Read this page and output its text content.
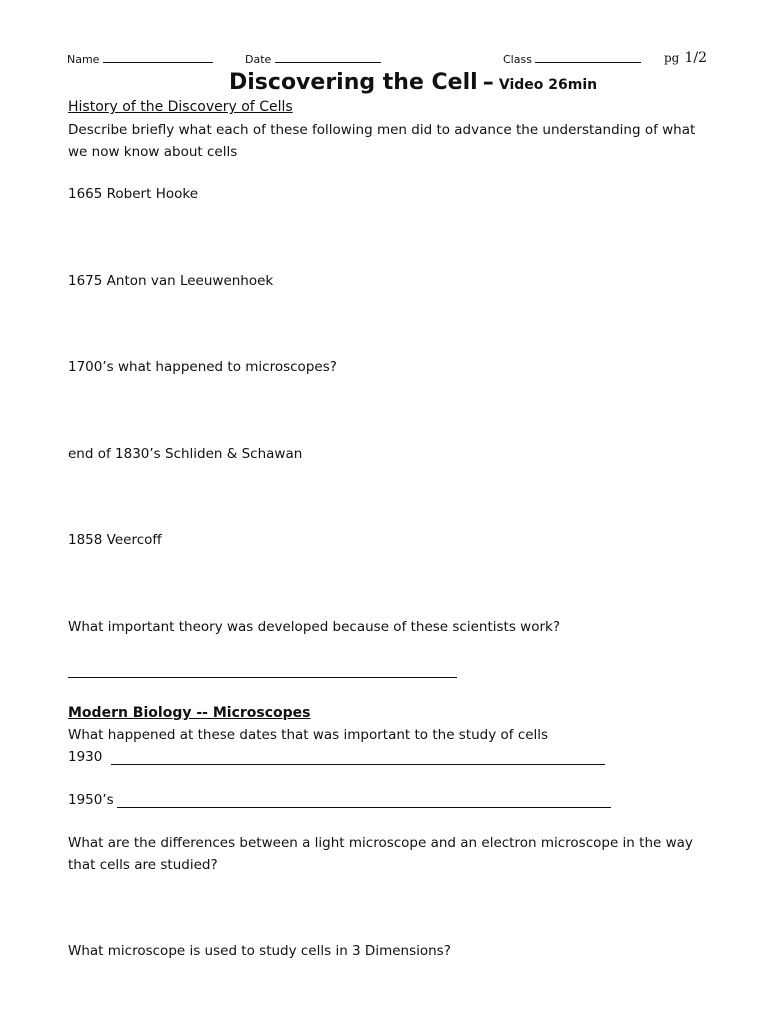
Name	Date	Class	pg 1/2
Discovering the Cell – Video 26min
History of the Discovery of Cells
Describe briefly what each of these following men did to advance the understanding of what
we now know about cells
1665 Robert Hooke
1675 Anton van Leeuwenhoek
1700’s what happened to microscopes?
end of 1830’s Schliden & Schawan
1858 Veercoff
What important theory was developed because of these scientists work?
Modern Biology -- Microscopes
What happened at these dates that was important to the study of cells
1930
1950’s
What are the differences between a light microscope and an electron microscope in the way
that cells are studied?
What microscope is used to study cells in 3 Dimensions?
